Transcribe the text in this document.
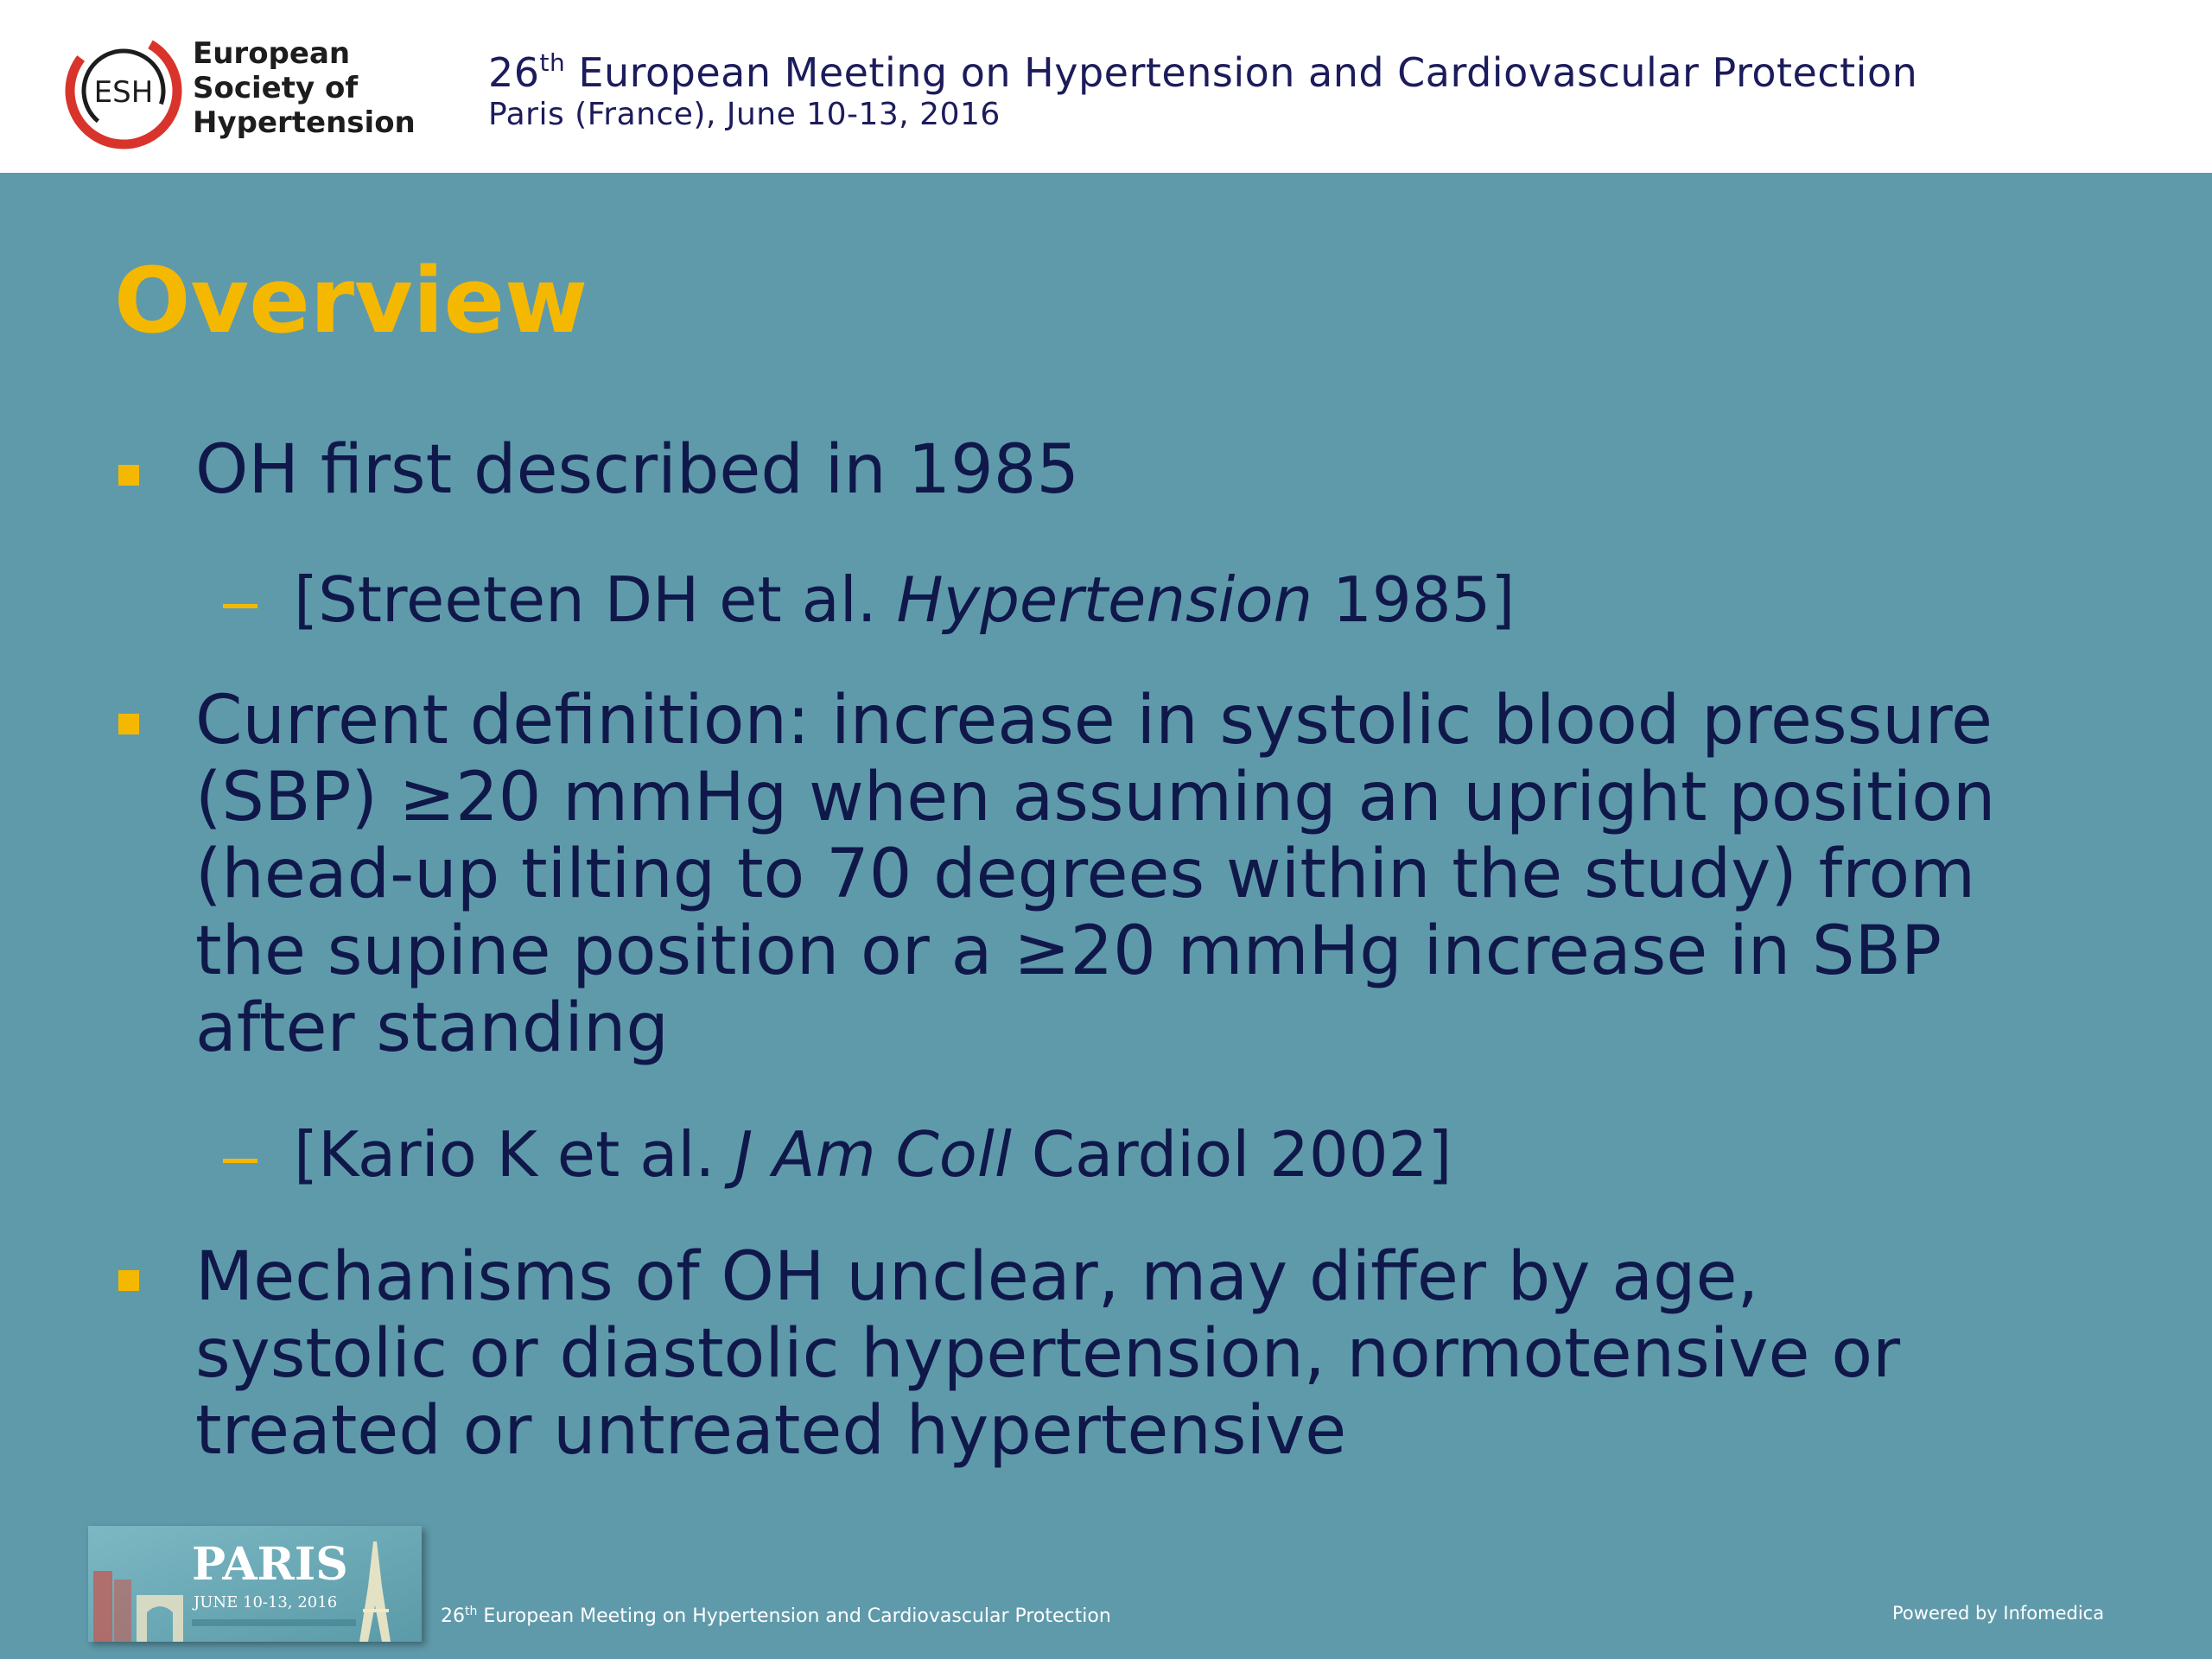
ESH
European
Society of
Hypertension
26th European Meeting on Hypertension and Cardiovascular Protection
Paris (France), June 10-13, 2016
Overview
OH first described in 1985
[Streeten DH et al. Hypertension 1985]
Current definition: increase in systolic blood pressure
(SBP) ≥20 mmHg when assuming an upright position
(head-up tilting to 70 degrees within the study) from
the supine position or a ≥20 mmHg increase in SBP
after standing
[Kario K et al. J Am Coll Cardiol 2002]
Mechanisms of OH unclear, may differ by age,
systolic or diastolic hypertension, normotensive or
treated or untreated hypertensive
PARIS
JUNE 10-13, 2016
26th European Meeting on Hypertension and Cardiovascular Protection	Powered by Infomedica
